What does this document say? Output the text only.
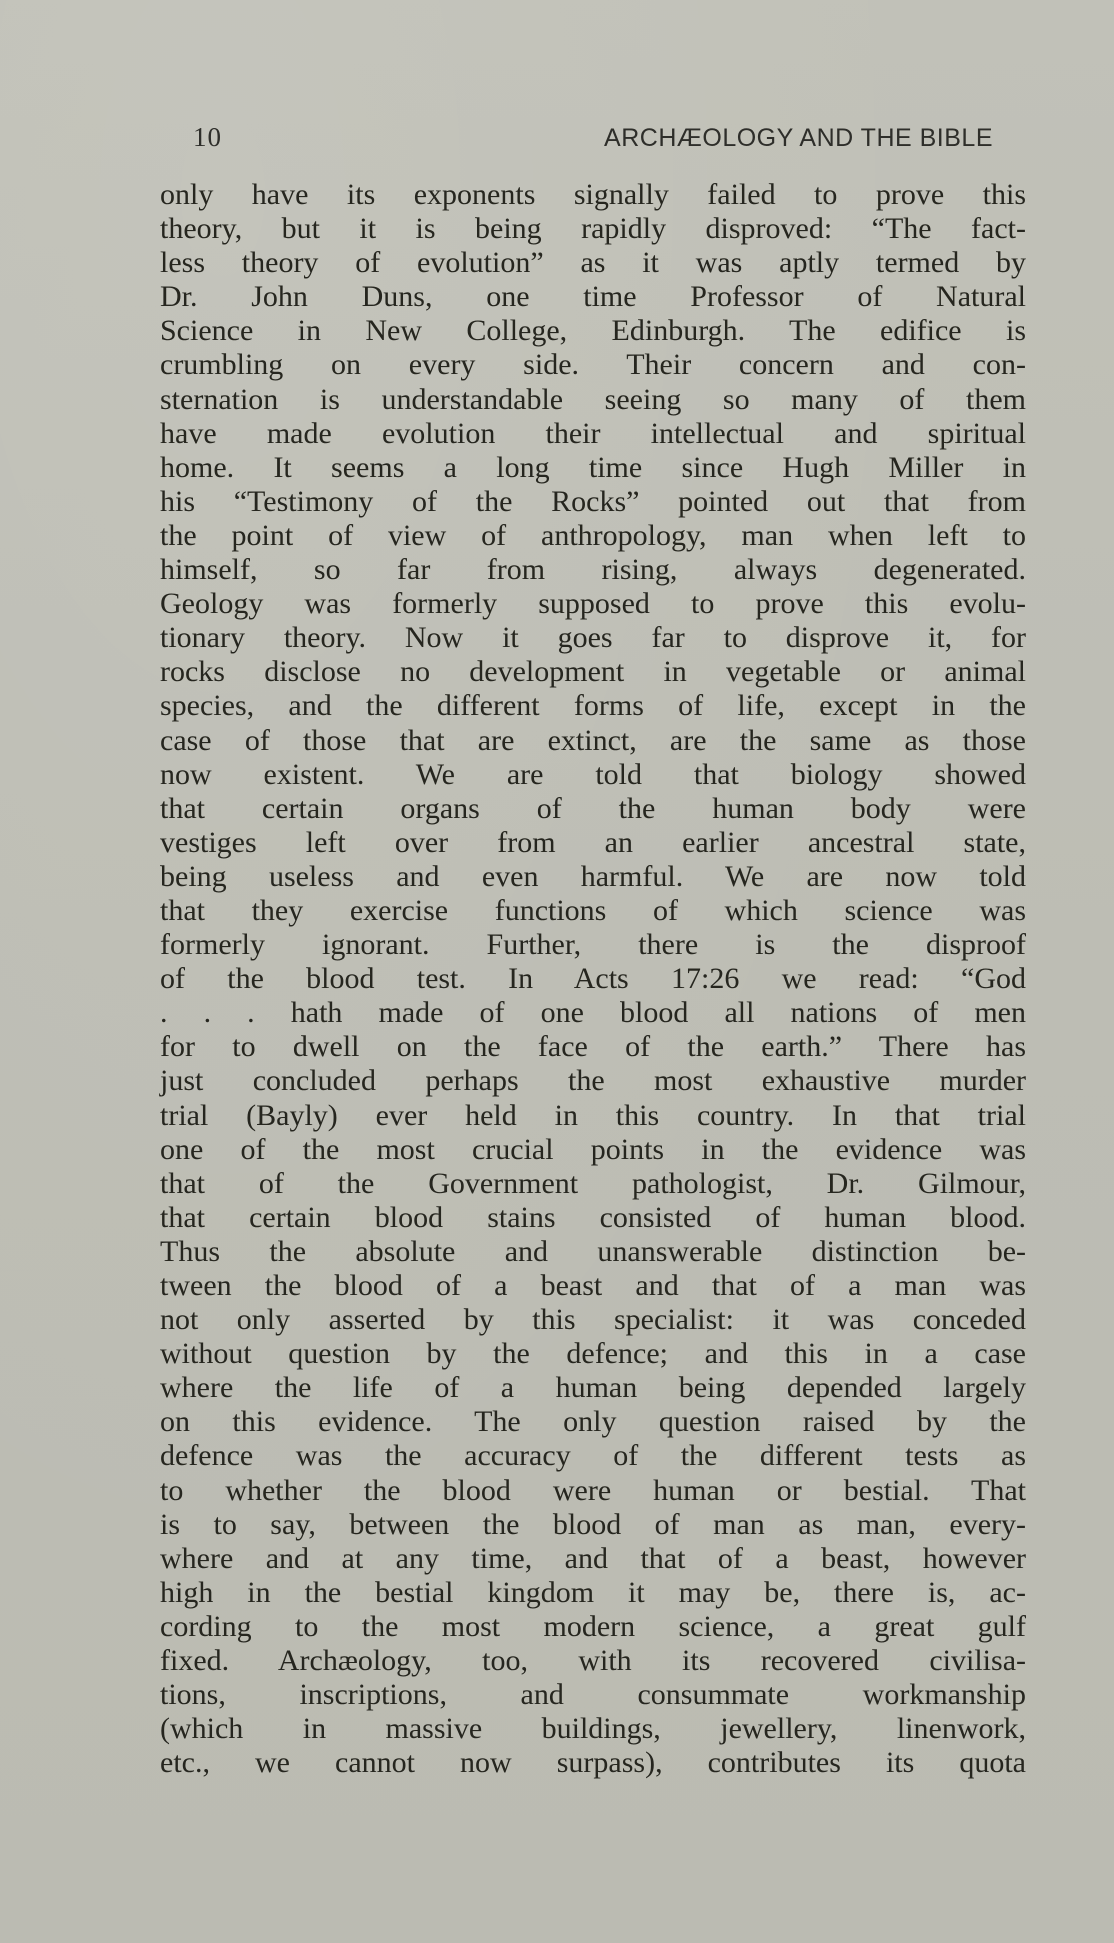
10	ARCHÆOLOGY AND THE BIBLE
only have its exponents signally failed to prove this
theory, but it is being rapidly disproved: “The fact-
less theory of evolution” as it was aptly termed by
Dr. John Duns, one time Professor of Natural
Science in New College, Edinburgh. The edifice is
crumbling on every side. Their concern and con-
sternation is understandable seeing so many of them
have made evolution their intellectual and spiritual
home. It seems a long time since Hugh Miller in
his “Testimony of the Rocks” pointed out that from
the point of view of anthropology, man when left to
himself, so far from rising, always degenerated.
Geology was formerly supposed to prove this evolu-
tionary theory. Now it goes far to disprove it, for
rocks disclose no development in vegetable or animal
species, and the different forms of life, except in the
case of those that are extinct, are the same as those
now existent. We are told that biology showed
that certain organs of the human body were
vestiges left over from an earlier ancestral state,
being useless and even harmful. We are now told
that they exercise functions of which science was
formerly ignorant. Further, there is the disproof
of the blood test. In Acts 17:26 we read: “God
. . . hath made of one blood all nations of men
for to dwell on the face of the earth.” There has
just concluded perhaps the most exhaustive murder
trial (Bayly) ever held in this country. In that trial
one of the most crucial points in the evidence was
that of the Government pathologist, Dr. Gilmour,
that certain blood stains consisted of human blood.
Thus the absolute and unanswerable distinction be-
tween the blood of a beast and that of a man was
not only asserted by this specialist: it was conceded
without question by the defence; and this in a case
where the life of a human being depended largely
on this evidence. The only question raised by the
defence was the accuracy of the different tests as
to whether the blood were human or bestial. That
is to say, between the blood of man as man, every-
where and at any time, and that of a beast, however
high in the bestial kingdom it may be, there is, ac-
cording to the most modern science, a great gulf
fixed. Archæology, too, with its recovered civilisa-
tions, inscriptions, and consummate workmanship
(which in massive buildings, jewellery, linenwork,
etc., we cannot now surpass), contributes its quota
